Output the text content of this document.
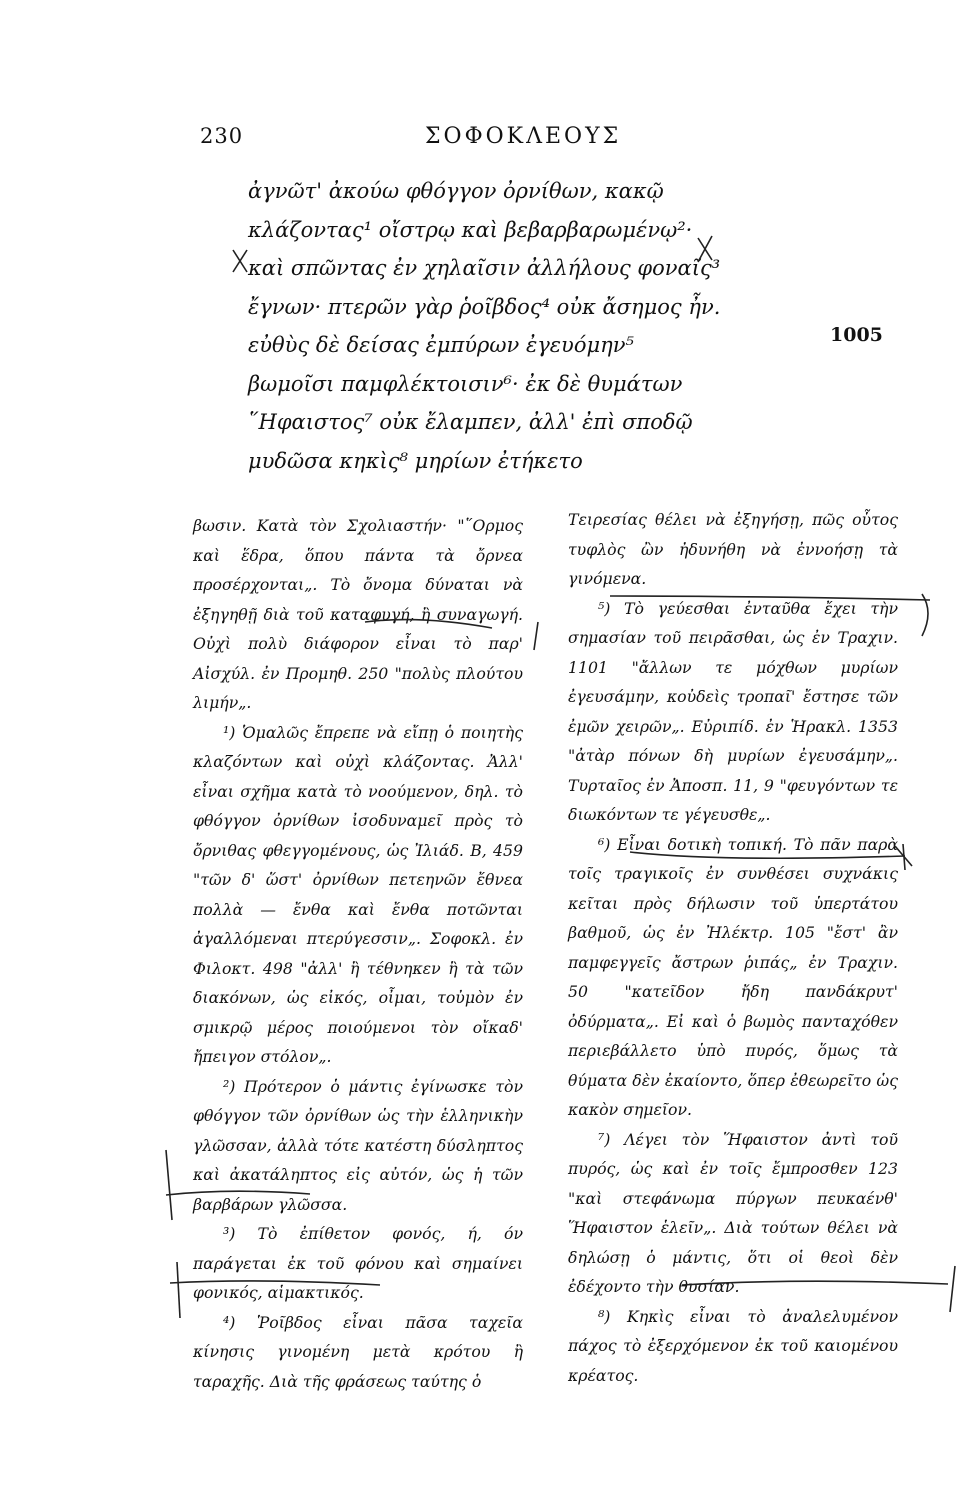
230	ΣΟΦΟΚΛΕΟΥΣ
ἀγνῶτ' ἀκούω φθόγγον ὀρνίθων, κακῷ
κλάζοντας¹ οἴστρῳ καὶ βεβαρβαρωμένῳ²·
καὶ σπῶντας ἐν χηλαῖσιν ἀλλήλους φοναῖς³
ἔγνων· πτερῶν γὰρ ῥοῖβδος⁴ οὐκ ἄσημος ἦν.
εὐθὺς δὲ δείσας ἐμπύρων ἐγευόμην⁵
βωμοῖσι παμφλέκτοισιν⁶· ἐκ δὲ θυμάτων
῞Ηφαιστος⁷ οὐκ ἔλαμπεν, ἀλλ' ἐπὶ σποδῷ
μυδῶσα κηκὶς⁸ μηρίων ἐτήκετο
1005

βωσιν. Κατὰ τὸν Σχολιαστήν· "῞Ορμος καὶ ἕδρα, ὅπου πάντα τὰ ὄρνεα προσέρχονται„. Τὸ ὄνομα δύναται νὰ ἐξηγηθῇ διὰ τοῦ καταφυγή, ἢ συναγωγή. Οὐχὶ πολὺ διάφορον εἶναι τὸ παρ' Αἰσχύλ. ἐν Προμηθ. 250 "πολὺς πλούτου λιμήν„.

¹) Ὁμαλῶς ἔπρεπε νὰ εἴπῃ ὁ ποιητὴς κλαζόντων καὶ οὐχὶ κλάζοντας. Ἀλλ' εἶναι σχῆμα κατὰ τὸ νοούμενον, δηλ. τὸ φθόγγον ὀρνίθων ἰσοδυναμεῖ πρὸς τὸ ὄρνιθας φθεγγομένους, ὡς Ἰλιάδ. Β, 459 "τῶν δ' ὥστ' ὀρνίθων πετεηνῶν ἔθνεα πολλὰ — ἔνθα καὶ ἔνθα ποτῶνται ἀγαλλόμεναι πτερύγεσσιν„. Σοφοκλ. ἐν Φιλοκτ. 498 "ἀλλ' ἢ τέθνηκεν ἢ τὰ τῶν διακόνων, ὡς εἰκός, οἶμαι, τοὐμὸν ἐν σμικρῷ μέρος ποιούμενοι τὸν οἴκαδ' ἤπειγον στόλον„.

²) Πρότερον ὁ μάντις ἐγίνωσκε τὸν φθόγγον τῶν ὀρνίθων ὡς τὴν ἑλληνικὴν γλῶσσαν, ἀλλὰ τότε κατέστη δύσληπτος καὶ ἀκατάληπτος εἰς αὐτόν, ὡς ἡ τῶν βαρβάρων γλῶσσα.

³) Τὸ ἐπίθετον φονός, ή, όν παράγεται ἐκ τοῦ φόνου καὶ σημαίνει φονικός, αἱμακτικός.

⁴) Ῥοῖβδος εἶναι πᾶσα ταχεῖα κίνησις γινομένη μετὰ κρότου ἢ ταραχῆς. Διὰ τῆς φράσεως ταύτης ὁ

Τειρεσίας θέλει νὰ ἐξηγήσῃ, πῶς οὗτος τυφλὸς ὢν ἠδυνήθη νὰ ἐννοήσῃ τὰ γινόμενα.

⁵) Τὸ γεύεσθαι ἐνταῦθα ἔχει τὴν σημασίαν τοῦ πειρᾶσθαι, ὡς ἐν Τραχιν. 1101 "ἄλλων τε μόχθων μυρίων ἐγευσάμην, κοὐδεὶς τροπαῖ' ἔστησε τῶν ἐμῶν χειρῶν„. Εὐριπίδ. ἐν Ἡρακλ. 1353 "ἀτὰρ πόνων δὴ μυρίων ἐγευσάμην„. Τυρταῖος ἐν Ἀποσπ. 11, 9 "φευγόντων τε διωκόντων τε γέγευσθε„.

⁶) Εἶναι δοτικὴ τοπική. Τὸ πᾶν παρὰ τοῖς τραγικοῖς ἐν συνθέσει συχνάκις κεῖται πρὸς δήλωσιν τοῦ ὑπερτάτου βαθμοῦ, ὡς ἐν Ἠλέκτρ. 105 "ἔστ' ἂν παμφεγγεῖς ἄστρων ῥιπάς„ ἐν Τραχιν. 50 "κατεῖδον ἤδη πανδάκρυτ' ὀδύρματα„. Εἰ καὶ ὁ βωμὸς πανταχόθεν περιεβάλλετο ὑπὸ πυρός, ὅμως τὰ θύματα δὲν ἐκαίοντο, ὅπερ ἐθεωρεῖτο ὡς κακὸν σημεῖον.

⁷) Λέγει τὸν Ἥφαιστον ἀντὶ τοῦ πυρός, ὡς καὶ ἐν τοῖς ἔμπροσθεν 123 "καὶ στεφάνωμα πύργων πευκαένθ' Ἥφαιστον ἑλεῖν„. Διὰ τούτων θέλει νὰ δηλώσῃ ὁ μάντις, ὅτι οἱ θεοὶ δὲν ἐδέχοντο τὴν θυσίαν.

⁸) Κηκὶς εἶναι τὸ ἀναλελυμένον πάχος τὸ ἐξερχόμενον ἐκ τοῦ καιομένου κρέατος.
